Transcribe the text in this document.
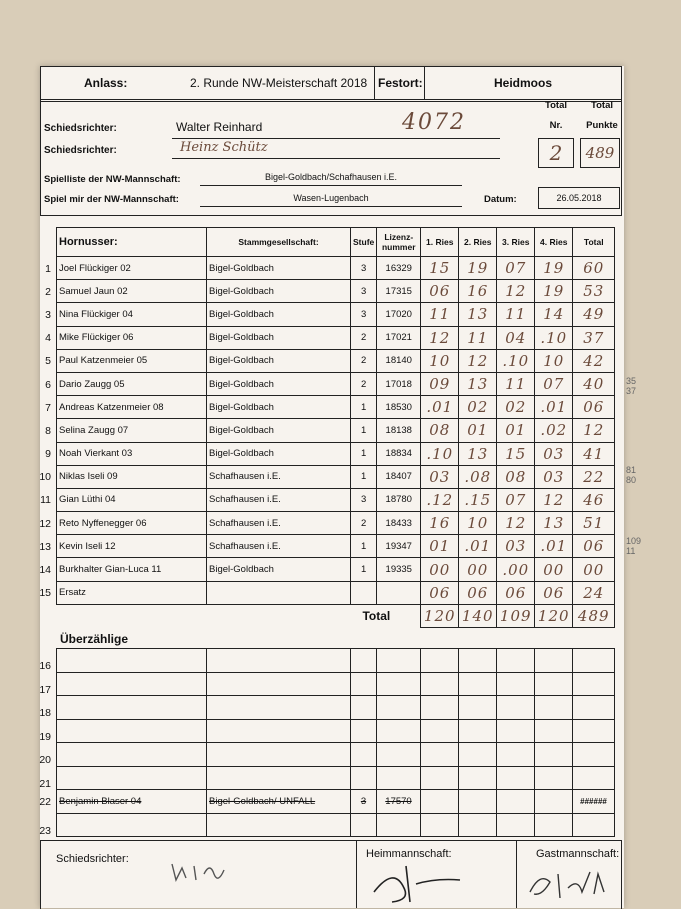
Anlass:	2. Runde NW-Meisterschaft 2018 Festort:	Heidmoos
Total
Nr.
Total
Punkte
2	489
Schiedsrichter:	Walter Reinhard	4072
Schiedsrichter:	Heinz Schütz
Spielliste der NW-Mannschaft:	Bigel-Goldbach/Schafhausen i.E.
Spiel mir der NW-Mannschaft:	Wasen-Lugenbach	Datum:	26.05.2018
Hornusser:	Stammgesellschaft:	Stufe	Lizenz-nummer	1. Ries	2. Ries	3. Ries	4. Ries	Total

1 Joel Flückiger 02	Bigel-Goldbach	3	16329	15	19	07	19	60

2 Samuel Jaun 02	Bigel-Goldbach	3	17315	06	16	12	19	53

3 Nina Flückiger 04	Bigel-Goldbach	3	17020	11	13	11	14	49

4 Mike Flückiger 06	Bigel-Goldbach	2	17021	12	11	04	.10	37

5 Paul Katzenmeier 05	Bigel-Goldbach	2	18140	10	12	.10	10	42

6 Dario Zaugg 05	Bigel-Goldbach	2	17018	09	13	11	07	40

7 Andreas Katzenmeier 08	Bigel-Goldbach	1	18530	.01	02	02	.01	06

8 Selina Zaugg 07	Bigel-Goldbach	1	18138	08	01	01	.02	12

9 Noah Vierkant 03	Bigel-Goldbach	1	18834	.10	13	15	03	41

10 Niklas Iseli 09	Schafhausen i.E.	1	18407	03	.08	08	03	22

11 Gian Lüthi 04	Schafhausen i.E.	3	18780	.12	.15	07	12	46

12 Reto Nyffenegger 06	Schafhausen i.E.	2	18433	16	10	12	13	51

13 Kevin Iseli 12	Schafhausen i.E.	1	19347	01	.01	03	.01	06

14 Burkhalter Gian-Luca 11	Bigel-Goldbach	1	19335	00	00	.00	00	00

15 Ersatz				06	06	06	06	24
Total				120	140	109	120	489
Überzählige
16								

17								

18								

19								

20								

21								

22 Benjamin Blaser 04	Bigel-Goldbach/ UNFALL	3	17570					######

23								

Schiedsrichter:	Heimmannschaft:	Gastmannschaft:
35 37
81 80
109 11
